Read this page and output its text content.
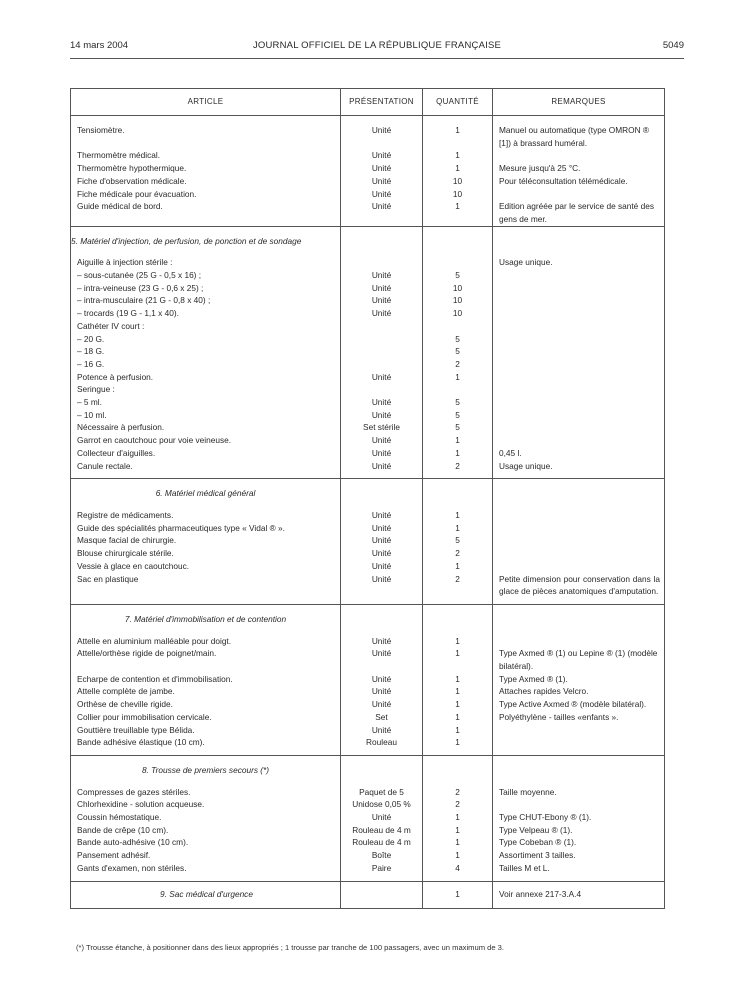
14 mars 2004	JOURNAL OFFICIEL DE LA RÉPUBLIQUE FRANÇAISE	5049
ARTICLE	PRÉSENTATION	QUANTITÉ	REMARQUES
Tensiomètre.	Unité	1	Manuel ou automatique (type OMRON ® [1]) à brassard huméral.
Thermomètre médical.	Unité	1	
Thermomètre hypothermique.	Unité	1	Mesure jusqu'à 25 °C.
Fiche d'observation médicale.	Unité	10	Pour téléconsultation télémédicale.
Fiche médicale pour évacuation.	Unité	10	
Guide médical de bord.	Unité	1	Edition agréée par le service de santé des gens de mer.
5. Matériel d'injection, de perfusion, de ponction et de sondage			
Aiguille à injection stérile :			Usage unique.
– sous-cutanée (25 G - 0,5 x 16) ;	Unité	5	
– intra-veineuse (23 G - 0,6 x 25) ;	Unité	10	
– intra-musculaire (21 G - 0,8 x 40) ;	Unité	10	
– trocards (19 G - 1,1 x 40).	Unité	10	
Cathéter IV court :			
– 20 G.		5	
– 18 G.		5	
– 16 G.		2	
Potence à perfusion.	Unité	1	
Seringue :			
– 5 ml.	Unité	5	
– 10 ml.	Unité	5	
Nécessaire à perfusion.	Set stérile	5	
Garrot en caoutchouc pour voie veineuse.	Unité	1	
Collecteur d'aiguilles.	Unité	1	0,45 l.
Canule rectale.	Unité	2	Usage unique.
6. Matériel médical général			
Registre de médicaments.	Unité	1	
Guide des spécialités pharmaceutiques type « Vidal ® ».	Unité	1	
Masque facial de chirurgie.	Unité	5	
Blouse chirurgicale stérile.	Unité	2	
Vessie à glace en caoutchouc.	Unité	1	
Sac en plastique	Unité	2	Petite dimension pour conservation dans la glace de pièces anatomiques d'amputation.
7. Matériel d'immobilisation et de contention			
Attelle en aluminium malléable pour doigt.	Unité	1	
Attelle/orthèse rigide de poignet/main.	Unité	1	Type Axmed ® (1) ou Lepine ® (1) (modèle bilatéral).
Echarpe de contention et d'immobilisation.	Unité	1	Type Axmed ® (1).
Attelle complète de jambe.	Unité	1	Attaches rapides Velcro.
Orthèse de cheville rigide.	Unité	1	Type Active Axmed ® (modèle bilatéral).
Collier pour immobilisation cervicale.	Set	1	Polyéthylène - tailles «enfants ».
Gouttière treuillable type Bélida.	Unité	1	
Bande adhésive élastique (10 cm).	Rouleau	1	
8. Trousse de premiers secours (*)			
Compresses de gazes stériles.	Paquet de 5	2	Taille moyenne.
Chlorhexidine - solution acqueuse.	Unidose 0,05 %	2	
Coussin hémostatique.	Unité	1	Type CHUT-Ebony ® (1).
Bande de crêpe (10 cm).	Rouleau de 4 m	1	Type Velpeau ® (1).
Bande auto-adhésive (10 cm).	Rouleau de 4 m	1	Type Cobeban ® (1).
Pansement adhésif.	Boîte	1	Assortiment 3 tailles.
Gants d'examen, non stériles.	Paire	4	Tailles M et L.
9. Sac médical d'urgence		1	Voir annexe 217-3.A.4
(*) Trousse étanche, à positionner dans des lieux appropriés ; 1 trousse par tranche de 100 passagers, avec un maximum de 3.
